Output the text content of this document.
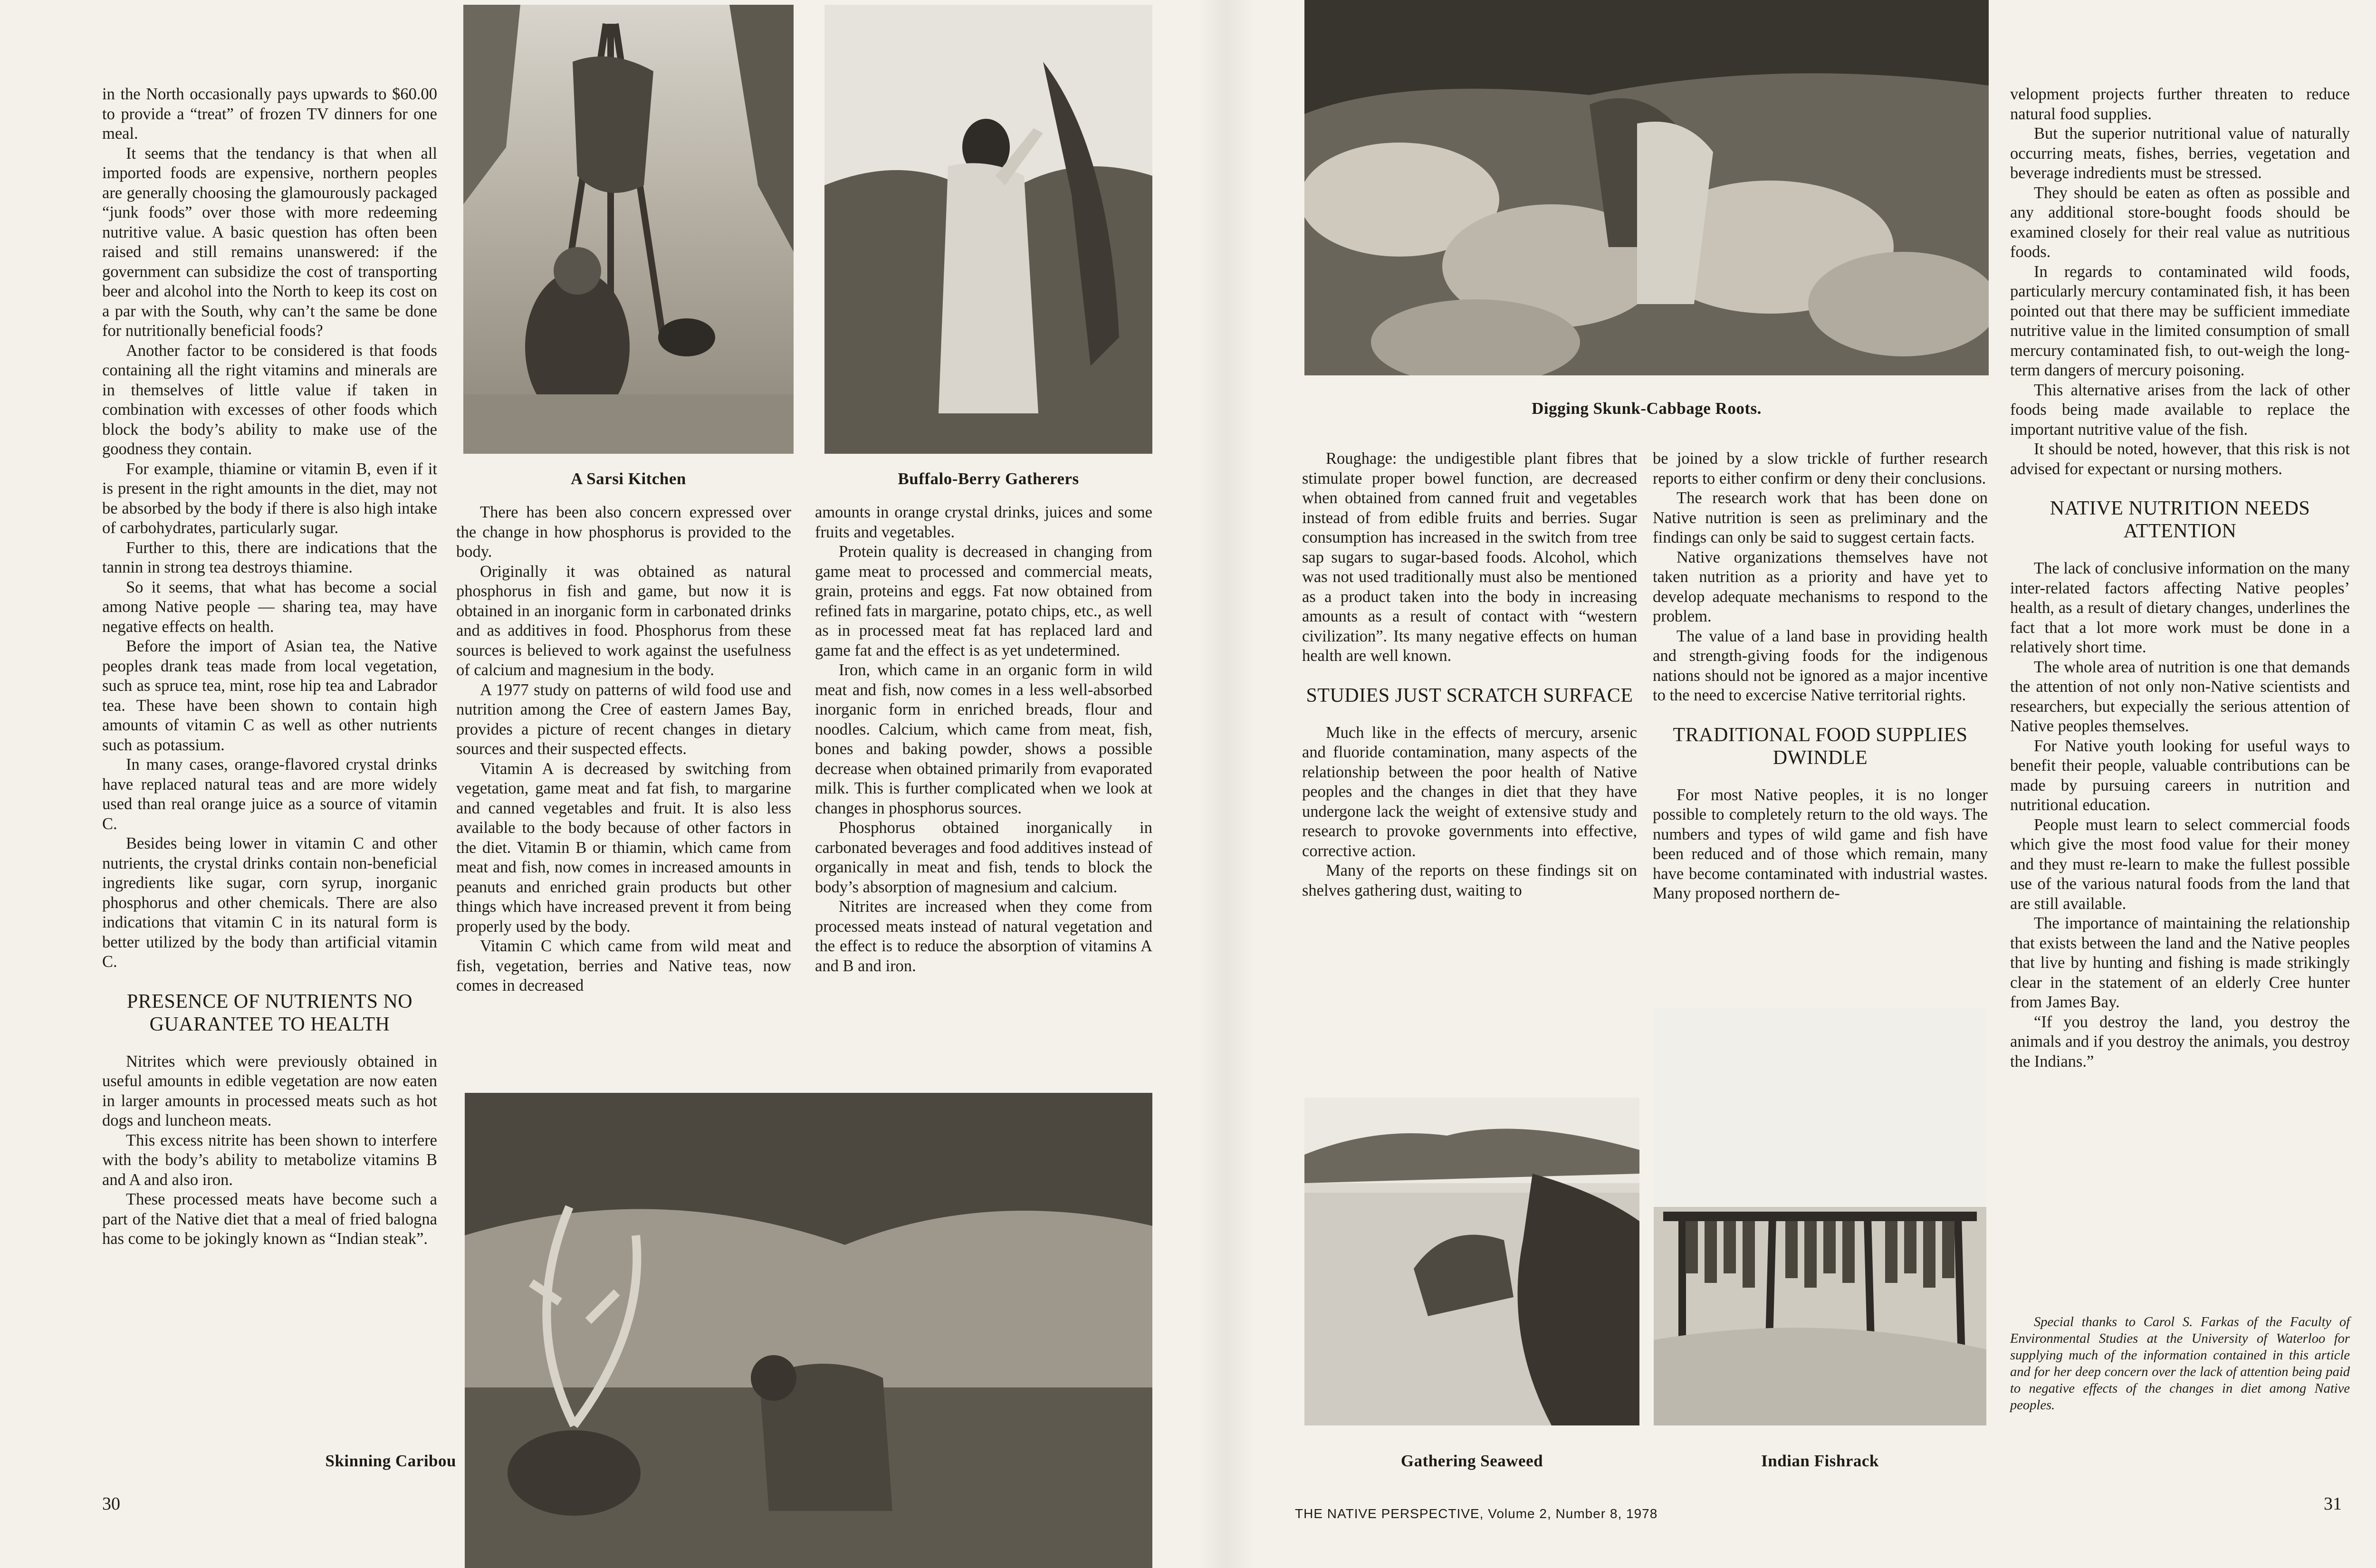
in the North occasionally pays upwards to $60.00 to provide a “treat” of frozen TV dinners for one meal.

It seems that the tendancy is that when all imported foods are expensive, northern peoples are generally choosing the glamourously packaged “junk foods” over those with more redeeming nutritive value. A basic question has often been raised and still remains unanswered: if the government can subsidize the cost of transporting beer and alcohol into the North to keep its cost on a par with the South, why can’t the same be done for nutritionally beneficial foods?

Another factor to be considered is that foods containing all the right vitamins and minerals are in themselves of little value if taken in combination with excesses of other foods which block the body’s ability to make use of the goodness they contain.

For example, thiamine or vitamin B, even if it is present in the right amounts in the diet, may not be absorbed by the body if there is also high intake of carbohydrates, particularly sugar.

Further to this, there are indications that the tannin in strong tea destroys thiamine.

So it seems, that what has become a social among Native people — sharing tea, may have negative effects on health.

Before the import of Asian tea, the Native peoples drank teas made from local vegetation, such as spruce tea, mint, rose hip tea and Labrador tea. These have been shown to contain high amounts of vitamin C as well as other nutrients such as potassium.

In many cases, orange-flavored crystal drinks have replaced natural teas and are more widely used than real orange juice as a source of vitamin C.

Besides being lower in vitamin C and other nutrients, the crystal drinks contain non-beneficial ingredients like sugar, corn syrup, inorganic phosphorus and other chemicals. There are also indications that vitamin C in its natural form is better utilized by the body than artificial vitamin C.

PRESENCE OF NUTRIENTS NO GUARANTEE TO HEALTH

Nitrites which were previously obtained in useful amounts in edible vegetation are now eaten in larger amounts in processed meats such as hot dogs and luncheon meats.

This excess nitrite has been shown to interfere with the body’s ability to metabolize vitamins B and A and also iron.

These processed meats have become such a part of the Native diet that a meal of fried balogna has come to be jokingly known as “Indian steak”.

A Sarsi Kitchen	Buffalo-Berry Gatherers

There has been also concern expressed over the change in how phosphorus is provided to the body.

Originally it was obtained as natural phosphorus in fish and game, but now it is obtained in an inorganic form in carbonated drinks and as additives in food. Phosphorus from these sources is believed to work against the usefulness of calcium and magnesium in the body.

A 1977 study on patterns of wild food use and nutrition among the Cree of eastern James Bay, provides a picture of recent changes in dietary sources and their suspected effects.

Vitamin A is decreased by switching from vegetation, game meat and fat fish, to margarine and canned vegetables and fruit. It is also less available to the body because of other factors in the diet. Vitamin B or thiamin, which came from meat and fish, now comes in increased amounts in peanuts and enriched grain products but other things which have increased prevent it from being properly used by the body.

Vitamin C which came from wild meat and fish, vegetation, berries and Native teas, now comes in decreased

amounts in orange crystal drinks, juices and some fruits and vegetables.

Protein quality is decreased in changing from game meat to processed and commercial meats, grain, proteins and eggs. Fat now obtained from refined fats in margarine, potato chips, etc., as well as in processed meat fat has replaced lard and game fat and the effect is as yet undetermined.

Iron, which came in an organic form in wild meat and fish, now comes in a less well-absorbed inorganic form in enriched breads, flour and noodles. Calcium, which came from meat, fish, bones and baking powder, shows a possible decrease when obtained primarily from evaporated milk. This is further complicated when we look at changes in phosphorus sources.

Phosphorus obtained inorganically in carbonated beverages and food additives instead of organically in meat and fish, tends to block the body’s absorption of magnesium and calcium.

Nitrites are increased when they come from processed meats instead of natural vegetation and the effect is to reduce the absorption of vitamins A and B and iron.

Skinning Caribou
30
Digging Skunk-Cabbage Roots.

Roughage: the undigestible plant fibres that stimulate proper bowel function, are decreased when obtained from canned fruit and vegetables instead of from edible fruits and berries. Sugar consumption has increased in the switch from tree sap sugars to sugar-based foods. Alcohol, which was not used traditionally must also be mentioned as a product taken into the body in increasing amounts as a result of contact with “western civilization”. Its many negative effects on human health are well known.

STUDIES JUST SCRATCH SURFACE

Much like in the effects of mercury, arsenic and fluoride contamination, many aspects of the relationship between the poor health of Native peoples and the changes in diet that they have undergone lack the weight of extensive study and research to provoke governments into effective, corrective action.

Many of the reports on these findings sit on shelves gathering dust, waiting to

be joined by a slow trickle of further research reports to either confirm or deny their conclusions.

The research work that has been done on Native nutrition is seen as preliminary and the findings can only be said to suggest certain facts.

Native organizations themselves have not taken nutrition as a priority and have yet to develop adequate mechanisms to respond to the problem.

The value of a land base in providing health and strength-giving foods for the indigenous nations should not be ignored as a major incentive to the need to excercise Native territorial rights.

TRADITIONAL FOOD SUPPLIES DWINDLE

For most Native peoples, it is no longer possible to completely return to the old ways. The numbers and types of wild game and fish have been reduced and of those which remain, many have become contaminated with industrial wastes. Many proposed northern de-

Gathering Seaweed	Indian Fishrack

velopment projects further threaten to reduce natural food supplies.

But the superior nutritional value of naturally occurring meats, fishes, berries, vegetation and beverage indredients must be stressed.

They should be eaten as often as possible and any additional store-bought foods should be examined closely for their real value as nutritious foods.

In regards to contaminated wild foods, particularly mercury contaminated fish, it has been pointed out that there may be sufficient immediate nutritive value in the limited consumption of small mercury contaminated fish, to out-weigh the long-term dangers of mercury poisoning.

This alternative arises from the lack of other foods being made available to replace the important nutritive value of the fish.

It should be noted, however, that this risk is not advised for expectant or nursing mothers.

NATIVE NUTRITION NEEDS ATTENTION

The lack of conclusive information on the many inter-related factors affecting Native peoples’ health, as a result of dietary changes, underlines the fact that a lot more work must be done in a relatively short time.

The whole area of nutrition is one that demands the attention of not only non-Native scientists and researchers, but expecially the serious attention of Native peoples themselves.

For Native youth looking for useful ways to benefit their people, valuable contributions can be made by pursuing careers in nutrition and nutritional education.

People must learn to select commercial foods which give the most food value for their money and they must re-learn to make the fullest possible use of the various natural foods from the land that are still available.

The importance of maintaining the relationship that exists between the land and the Native peoples that live by hunting and fishing is made strikingly clear in the statement of an elderly Cree hunter from James Bay.

“If you destroy the land, you destroy the animals and if you destroy the animals, you destroy the Indians.”

Special thanks to Carol S. Farkas of the Faculty of Environmental Studies at the University of Waterloo for supplying much of the information contained in this article and for her deep concern over the lack of attention being paid to negative effects of the changes in diet among Native peoples.

THE NATIVE PERSPECTIVE, Volume 2, Number 8, 1978	31
